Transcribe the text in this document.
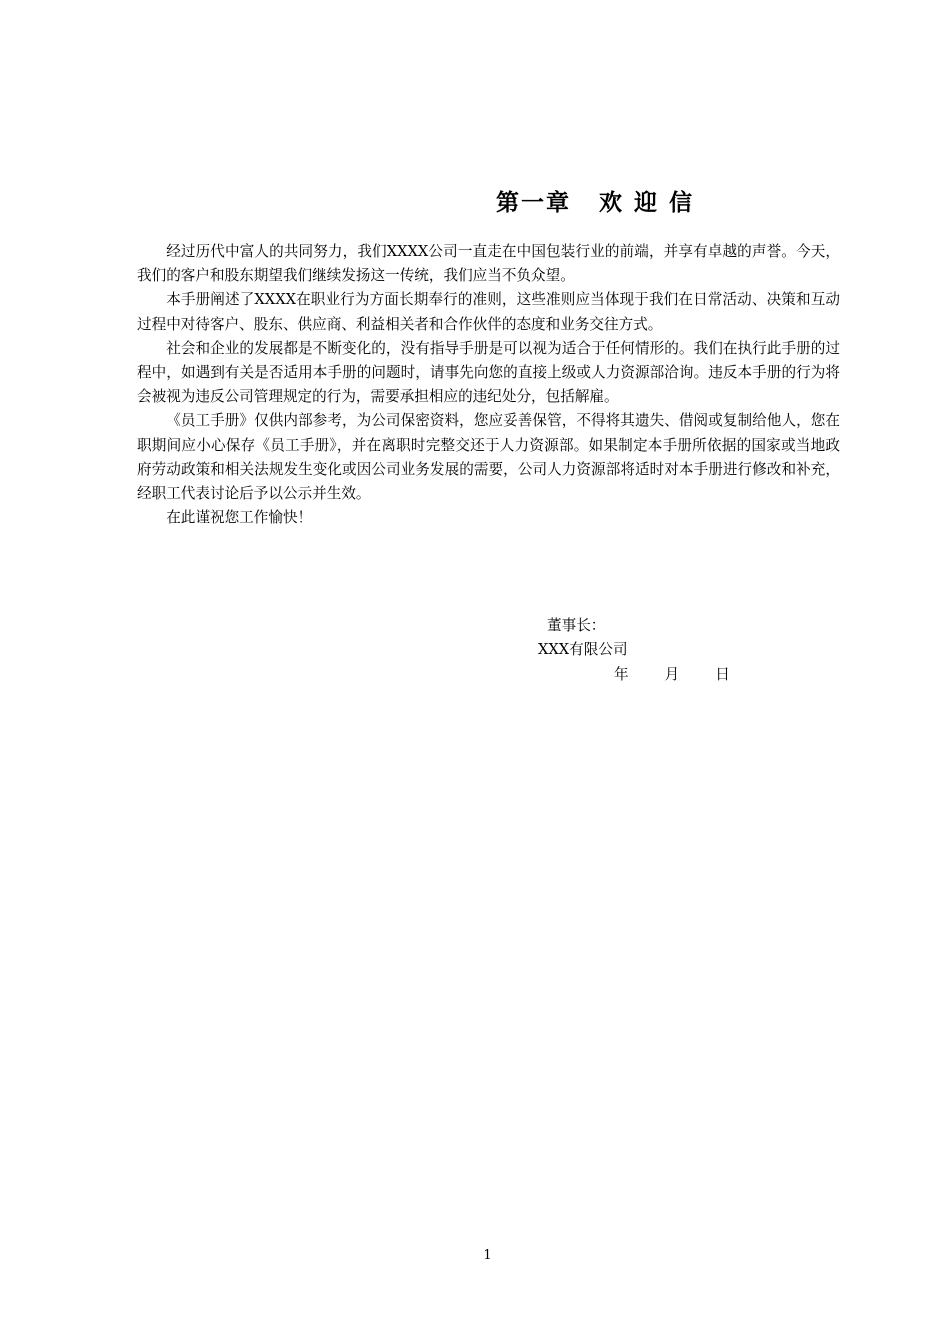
第一章 欢 迎 信

经过历代中富人的共同努力，我们XXXX公司一直走在中国包装行业的前端，并享有卓越的声誉。今天，我们的客户和股东期望我们继续发扬这一传统，我们应当不负众望。

本手册阐述了XXXX在职业行为方面长期奉行的准则，这些准则应当体现于我们在日常活动、决策和互动过程中对待客户、股东、供应商、利益相关者和合作伙伴的态度和业务交往方式。

社会和企业的发展都是不断变化的，没有指导手册是可以视为适合于任何情形的。我们在执行此手册的过程中，如遇到有关是否适用本手册的问题时，请事先向您的直接上级或人力资源部洽询。违反本手册的行为将会被视为违反公司管理规定的行为，需要承担相应的违纪处分，包括解雇。

《员工手册》仅供内部参考，为公司保密资料，您应妥善保管，不得将其遗失、借阅或复制给他人，您在职期间应小心保存《员工手册》，并在离职时完整交还于人力资源部。如果制定本手册所依据的国家或当地政府劳动政策和相关法规发生变化或因公司业务发展的需要，公司人力资源部将适时对本手册进行修改和补充，经职工代表讨论后予以公示并生效。

在此谨祝您工作愉快！

董事长：
XXX有限公司
年 月 日
1
